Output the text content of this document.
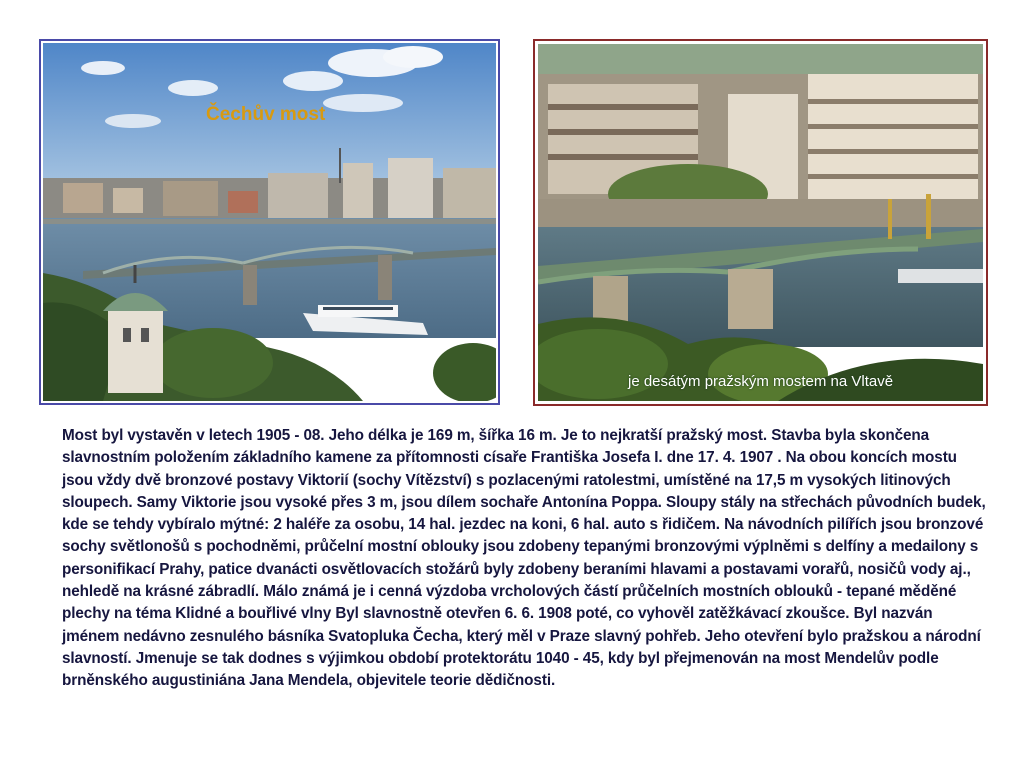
Čechův most
je desátým pražským mostem na Vltavě

Most byl vystavěn v letech 1905 - 08. Jeho délka je 169 m, šířka 16 m. Je to nejkratší pražský most. Stavba byla skončena slavnostním položením základního kamene za přítomnosti císaře Františka Josefa I. dne 17. 4. 1907 . Na obou koncích mostu jsou vždy dvě bronzové postavy Viktorií (sochy Vítězství) s pozlacenými ratolestmi, umístěné na 17,5 m vysokých litinových sloupech. Samy Viktorie jsou vysoké přes 3 m, jsou dílem sochaře Antonína Poppa. Sloupy stály na střechách původních budek, kde se tehdy vybíralo mýtné: 2 haléře za osobu, 14 hal. jezdec na koni, 6 hal. auto s řidičem. Na návodních pilířích jsou bronzové sochy světlonošů s pochodněmi, průčelní mostní oblouky jsou zdobeny tepanými bronzovými výplněmi s delfíny a medailony s personifikací Prahy, patice dvanácti osvětlovacích stožárů byly zdobeny beraními hlavami a postavami vorařů, nosičů vody aj., nehledě na krásné zábradlí. Málo známá je i cenná výzdoba vrcholových částí průčelních mostních oblouků - tepané měděné plechy na téma Klidné a bouřlivé vlny Byl slavnostně otevřen 6. 6. 1908 poté, co vyhověl zatěžkávací zkoušce. Byl nazván jménem nedávno zesnulého básníka Svatopluka Čecha, který měl v Praze slavný pohřeb. Jeho otevření bylo pražskou a národní slavností. Jmenuje se tak dodnes s výjimkou období protektorátu 1040 - 45, kdy byl přejmenován na most Mendelův podle brněnského augustiniána Jana Mendela, objevitele teorie dědičnosti.
